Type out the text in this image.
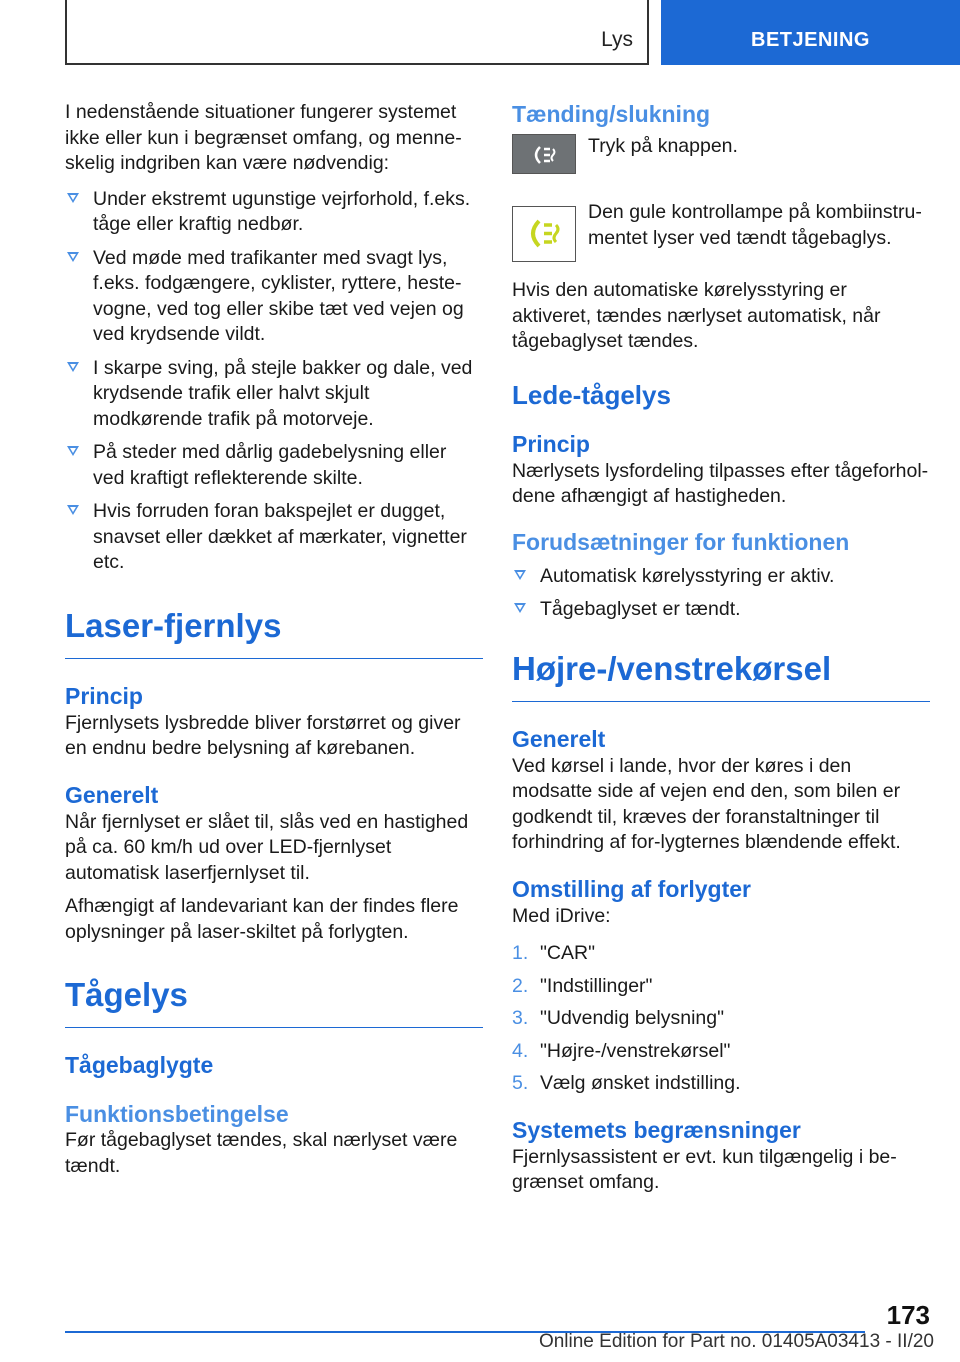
Lys	BETJENING

I nedenstående situationer fungerer systemet ikke eller kun i begrænset omfang, og menne-skelig indgriben kan være nødvendig:

Under ekstremt ugunstige vejrforhold, f.eks. tåge eller kraftig nedbør.
Ved møde med trafikanter med svagt lys, f.eks. fodgængere, cyklister, ryttere, heste-vogne, ved tog eller skibe tæt ved vejen og ved krydsende vildt.
I skarpe sving, på stejle bakker og dale, ved krydsende trafik eller halvt skjult modkørende trafik på motorveje.
På steder med dårlig gadebelysning eller ved kraftigt reflekterende skilte.
Hvis forruden foran bakspejlet er dugget, snavset eller dækket af mærkater, vignetter etc.
Laser-fjernlys
Princip

Fjernlysets lysbredde bliver forstørret og giver en endnu bedre belysning af kørebanen.

Generelt

Når fjernlyset er slået til, slås ved en hastighed på ca. 60 km/h ud over LED-fjernlyset automatisk laserfjernlyset til.

Afhængigt af landevariant kan der findes flere oplysninger på laser-skiltet på forlygten.

Tågelys
Tågebaglygte
Funktionsbetingelse

Før tågebaglyset tændes, skal nærlyset være tændt.

Tænding/slukning

Tryk på knappen.

Den gule kontrollampe på kombiinstru-mentet lyser ved tændt tågebaglys.

Hvis den automatiske kørelysstyring er aktiveret, tændes nærlyset automatisk, når tågebaglyset tændes.

Lede-tågelys
Princip

Nærlysets lysfordeling tilpasses efter tågeforhol-dene afhængigt af hastigheden.

Forudsætninger for funktionen
Automatisk kørelysstyring er aktiv.
Tågebaglyset er tændt.
Højre-/venstrekørsel
Generelt

Ved kørsel i lande, hvor der køres i den modsatte side af vejen end den, som bilen er godkendt til, kræves der foranstaltninger til forhindring af for-lygternes blændende effekt.

Omstilling af forlygter

Med iDrive:

1. "CAR"
2. "Indstillinger"
3. "Udvendig belysning"
4. "Højre-/venstrekørsel"
5. Vælg ønsket indstilling.
Systemets begrænsninger

Fjernlysassistent er evt. kun tilgængelig i be-grænset omfang.

173
Online Edition for Part no. 01405A03413 - II/20
